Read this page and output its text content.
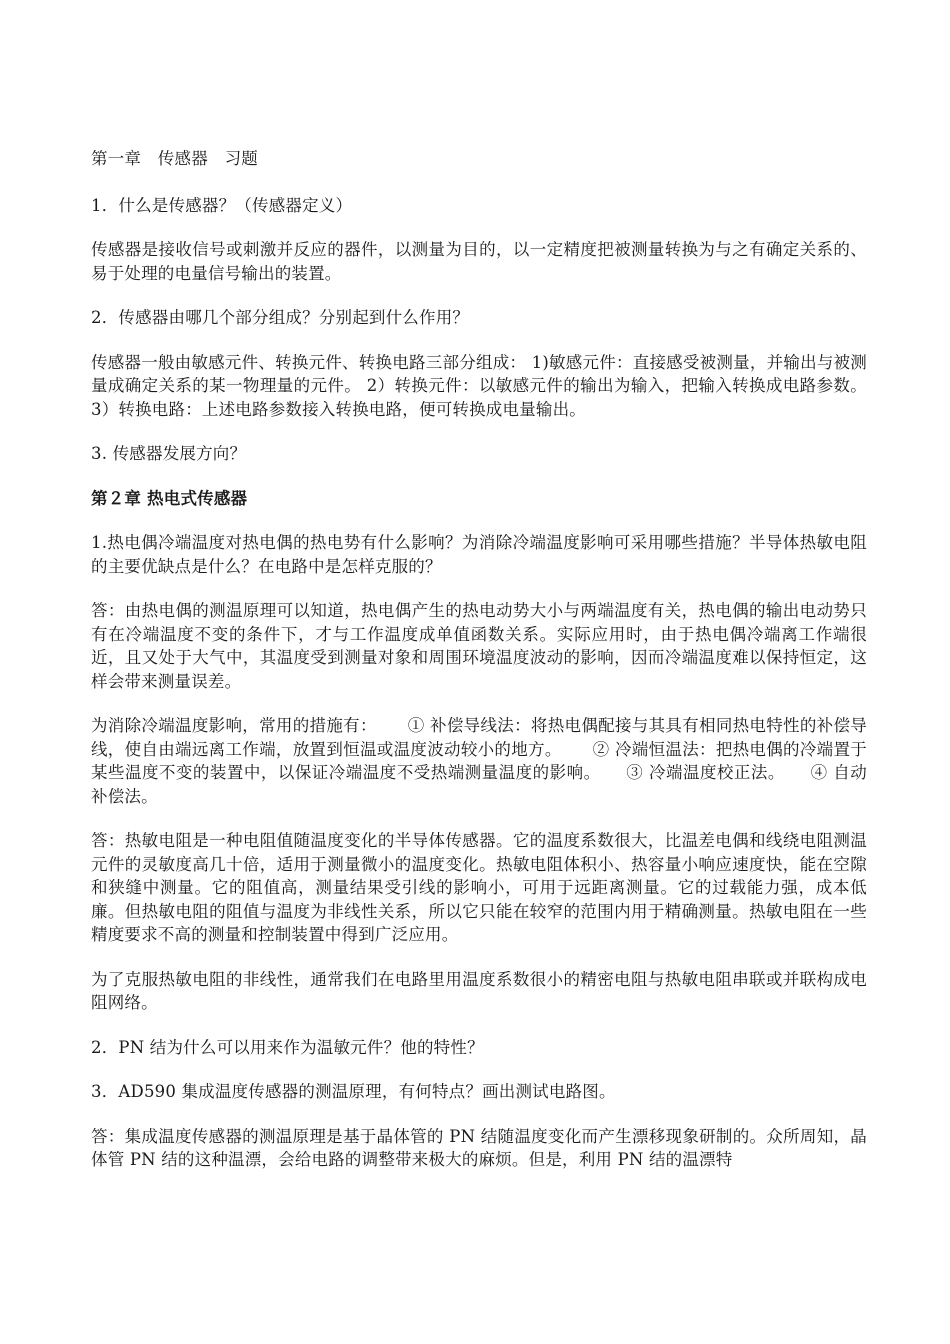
第一章　传感器　习题

1．什么是传感器？（传感器定义）

传感器是接收信号或刺激并反应的器件，以测量为目的，以一定精度把被测量转换为与之有确定关系的、易于处理的电量信号输出的装置。

2．传感器由哪几个部分组成？分别起到什么作用？

传感器一般由敏感元件、转换元件、转换电路三部分组成： 1)敏感元件：直接感受被测量，并输出与被测量成确定关系的某一物理量的元件。 2）转换元件：以敏感元件的输出为输入，把输入转换成电路参数。 3）转换电路：上述电路参数接入转换电路，便可转换成电量输出。

3. 传感器发展方向？

第２章 热电式传感器

1.热电偶冷端温度对热电偶的热电势有什么影响？为消除冷端温度影响可采用哪些措施？半导体热敏电阻的主要优缺点是什么？在电路中是怎样克服的？

答：由热电偶的测温原理可以知道，热电偶产生的热电动势大小与两端温度有关，热电偶的输出电动势只有在冷端温度不变的条件下，才与工作温度成单值函数关系。实际应用时，由于热电偶冷端离工作端很近，且又处于大气中，其温度受到测量对象和周围环境温度波动的影响，因而冷端温度难以保持恒定，这样会带来测量误差。

为消除冷端温度影响，常用的措施有：　　 ① 补偿导线法：将热电偶配接与其具有相同热电特性的补偿导线，使自由端远离工作端，放置到恒温或温度波动较小的地方。　　 ② 冷端恒温法：把热电偶的冷端置于某些温度不变的装置中，以保证冷端温度不受热端测量温度的影响。　　③ 冷端温度校正法。　　④ 自动补偿法。

答：热敏电阻是一种电阻值随温度变化的半导体传感器。它的温度系数很大，比温差电偶和线绕电阻测温元件的灵敏度高几十倍，适用于测量微小的温度变化。热敏电阻体积小、热容量小响应速度快，能在空隙和狭缝中测量。它的阻值高，测量结果受引线的影响小，可用于远距离测量。它的过载能力强，成本低廉。但热敏电阻的阻值与温度为非线性关系，所以它只能在较窄的范围内用于精确测量。热敏电阻在一些精度要求不高的测量和控制装置中得到广泛应用。

为了克服热敏电阻的非线性，通常我们在电路里用温度系数很小的精密电阻与热敏电阻串联或并联构成电阻网络。

2．PN 结为什么可以用来作为温敏元件？他的特性？

3．AD590 集成温度传感器的测温原理，有何特点？画出测试电路图。

答：集成温度传感器的测温原理是基于晶体管的 PN 结随温度变化而产生漂移现象研制的。众所周知，晶体管 PN 结的这种温漂，会给电路的调整带来极大的麻烦。但是，利用 PN 结的温漂特
